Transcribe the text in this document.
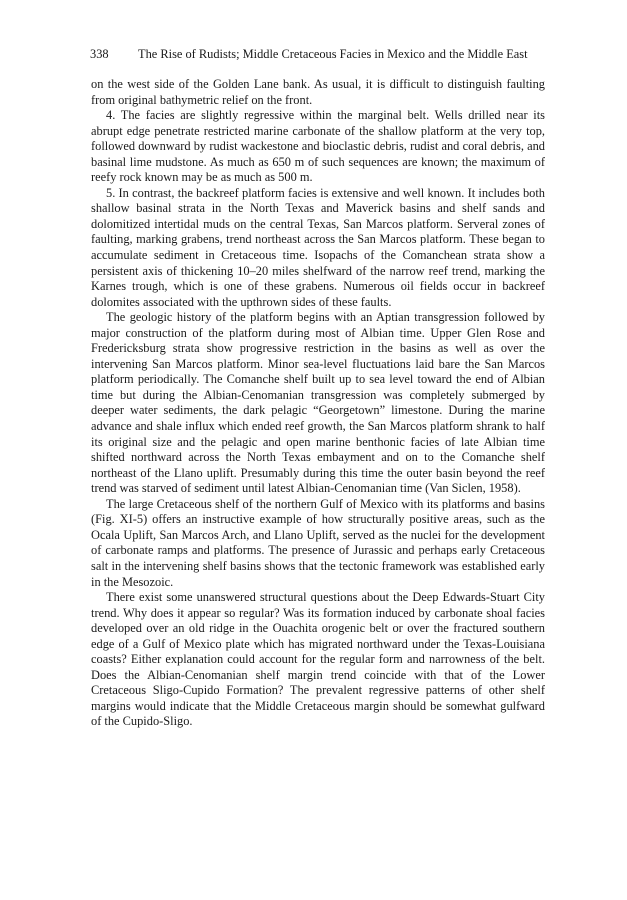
338 The Rise of Rudists; Middle Cretaceous Facies in Mexico and the Middle East

on the west side of the Golden Lane bank. As usual, it is difficult to distinguish faulting from original bathymetric relief on the front.

4. The facies are slightly regressive within the marginal belt. Wells drilled near its abrupt edge penetrate restricted marine carbonate of the shallow platform at the very top, followed downward by rudist wackestone and bioclastic debris, rudist and coral debris, and basinal lime mudstone. As much as 650 m of such sequences are known; the maximum of reefy rock known may be as much as 500 m.

5. In contrast, the backreef platform facies is extensive and well known. It includes both shallow basinal strata in the North Texas and Maverick basins and shelf sands and dolomitized intertidal muds on the central Texas, San Marcos platform. Serveral zones of faulting, marking grabens, trend northeast across the San Marcos platform. These began to accumulate sediment in Cretaceous time. Isopachs of the Comanchean strata show a persistent axis of thickening 10–20 miles shelfward of the narrow reef trend, marking the Karnes trough, which is one of these grabens. Numerous oil fields occur in backreef dolomites associated with the upthrown sides of these faults.

The geologic history of the platform begins with an Aptian transgression followed by major construction of the platform during most of Albian time. Upper Glen Rose and Fredericksburg strata show progressive restriction in the basins as well as over the intervening San Marcos platform. Minor sea-level fluctuations laid bare the San Marcos platform periodically. The Comanche shelf built up to sea level toward the end of Albian time but during the Albian-Cenomanian transgression was completely submerged by deeper water sediments, the dark pelagic “Georgetown” limestone. During the marine advance and shale influx which ended reef growth, the San Marcos platform shrank to half its original size and the pelagic and open marine benthonic facies of late Albian time shifted northward across the North Texas embayment and on to the Comanche shelf northeast of the Llano uplift. Presumably during this time the outer basin beyond the reef trend was starved of sediment until latest Albian-Cenomanian time (Van Siclen, 1958).

The large Cretaceous shelf of the northern Gulf of Mexico with its platforms and basins (Fig. XI-5) offers an instructive example of how structurally positive areas, such as the Ocala Uplift, San Marcos Arch, and Llano Uplift, served as the nuclei for the development of carbonate ramps and platforms. The presence of Jurassic and perhaps early Cretaceous salt in the intervening shelf basins shows that the tectonic framework was established early in the Mesozoic.

There exist some unanswered structural questions about the Deep Edwards-Stuart City trend. Why does it appear so regular? Was its formation induced by carbonate shoal facies developed over an old ridge in the Ouachita orogenic belt or over the fractured southern edge of a Gulf of Mexico plate which has migrated northward under the Texas-Louisiana coasts? Either explanation could account for the regular form and narrowness of the belt. Does the Albian-Cenomanian shelf margin trend coincide with that of the Lower Cretaceous Sligo-Cupido Formation? The prevalent regressive patterns of other shelf margins would indicate that the Middle Cretaceous margin should be somewhat gulfward of the Cupido-Sligo.
